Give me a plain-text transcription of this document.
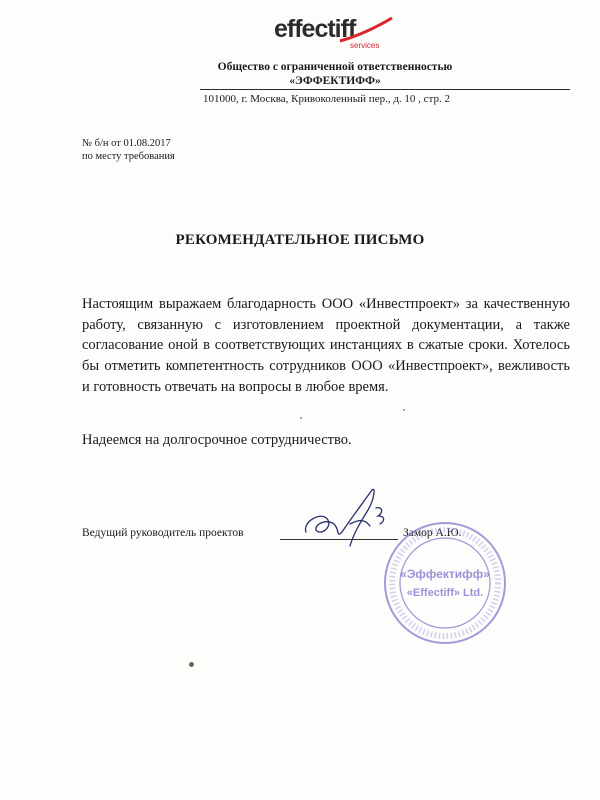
effectiff
services
Общество с ограниченной ответственностью
«ЭФФЕКТИФФ»
101000, г. Москва, Кривоколенный пер., д. 10 , стр. 2
№ б/н от 01.08.2017
по месту требования
РЕКОМЕНДАТЕЛЬНОЕ ПИСЬМО
Настоящим выражаем благодарность ООО «Инвестпроект» за качественную работу, связанную с изготовлением проектной документации, а также согласование оной в соответствующих инстанциях в сжатые сроки. Хотелось бы отметить компетентность сотрудников ООО «Инвестпроект», вежливость и готовность отвечать на вопросы в любое время.
Надеемся на долгосрочное сотрудничество.
Ведущий руководитель проектов	Замор А.Ю.
«Эффектифф»
«Effectiff» Ltd.
